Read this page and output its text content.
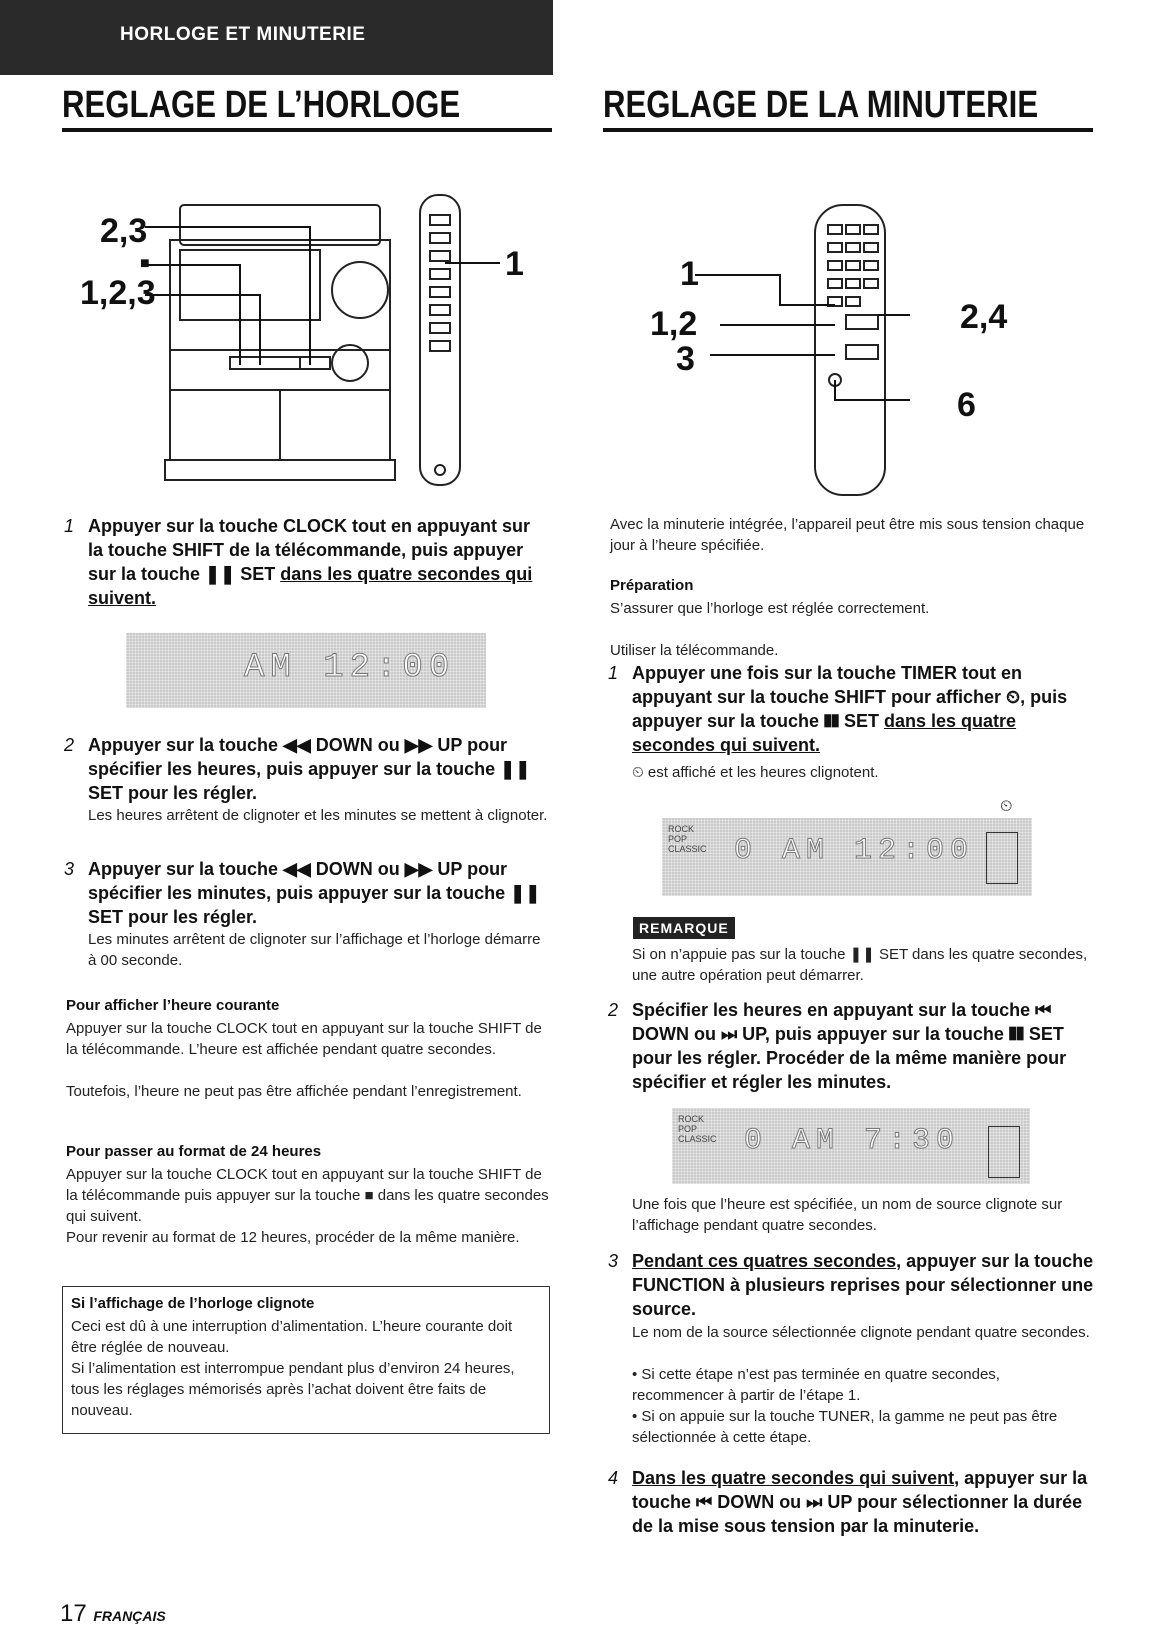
HORLOGE ET MINUTERIE
REGLAGE DE L’HORLOGE	REGLAGE DE LA MINUTERIE
2,3
■
1,2,3
1
1 Appuyer sur la touche CLOCK tout en appuyant sur la touche SHIFT de la télécommande, puis appuyer sur la touche ❚❚ SET dans les quatre secondes qui suivent.
AM 12:00
2 Appuyer sur la touche ◀◀ DOWN ou ▶▶ UP pour spécifier les heures, puis appuyer sur la touche ❚❚ SET pour les régler.
Les heures arrêtent de clignoter et les minutes se mettent à clignoter.
3 Appuyer sur la touche ◀◀ DOWN ou ▶▶ UP pour spécifier les minutes, puis appuyer sur la touche ❚❚ SET pour les régler.
Les minutes arrêtent de clignoter sur l’affichage et l’horloge démarre à 00 seconde.
Pour afficher l’heure courante
Appuyer sur la touche CLOCK tout en appuyant sur la touche SHIFT de la télécommande. L’heure est affichée pendant quatre secondes.
Toutefois, l’heure ne peut pas être affichée pendant l’enregistrement.
Pour passer au format de 24 heures
Appuyer sur la touche CLOCK tout en appuyant sur la touche SHIFT de la télécommande puis appuyer sur la touche ■ dans les quatre secondes qui suivent.
Pour revenir au format de 12 heures, procéder de la même manière.
Si l’affichage de l’horloge clignote
Ceci est dû à une interruption d’alimentation. L’heure courante doit être réglée de nouveau.
Si l’alimentation est interrompue pendant plus d’environ 24 heures, tous les réglages mémorisés après l’achat doivent être faits de nouveau.
1
1,2
3
2,4
6
Avec la minuterie intégrée, l’appareil peut être mis sous tension chaque jour à l’heure spécifiée.
Préparation
S’assurer que l’horloge est réglée correctement.
Utiliser la télécommande.
1 Appuyer une fois sur la touche TIMER tout en appuyant sur la touche SHIFT pour afficher ⏲, puis appuyer sur la touche ❚❚ SET dans les quatre secondes qui suivent.
⏲ est affiché et les heures clignotent.
ROCK
POP
CLASSIC 0 AM 12:00
⏲
REMARQUE
Si on n’appuie pas sur la touche ❚❚ SET dans les quatre secondes, une autre opération peut démarrer.
2 Spécifier les heures en appuyant sur la touche ⏮ DOWN ou ⏭ UP, puis appuyer sur la touche ❚❚ SET pour les régler. Procéder de la même manière pour spécifier et régler les minutes.
ROCK
POP
CLASSIC 0 AM 7:30
Une fois que l’heure est spécifiée, un nom de source clignote sur l’affichage pendant quatre secondes.
3 Pendant ces quatres secondes, appuyer sur la touche FUNCTION à plusieurs reprises pour sélectionner une source.
Le nom de la source sélectionnée clignote pendant quatre secondes.
• Si cette étape n’est pas terminée en quatre secondes, recommencer à partir de l’étape 1.
• Si on appuie sur la touche TUNER, la gamme ne peut pas être sélectionnée à cette étape.
4 Dans les quatre secondes qui suivent, appuyer sur la touche ⏮ DOWN ou ⏭ UP pour sélectionner la durée de la mise sous tension par la minuterie.
17 FRANÇAIS
